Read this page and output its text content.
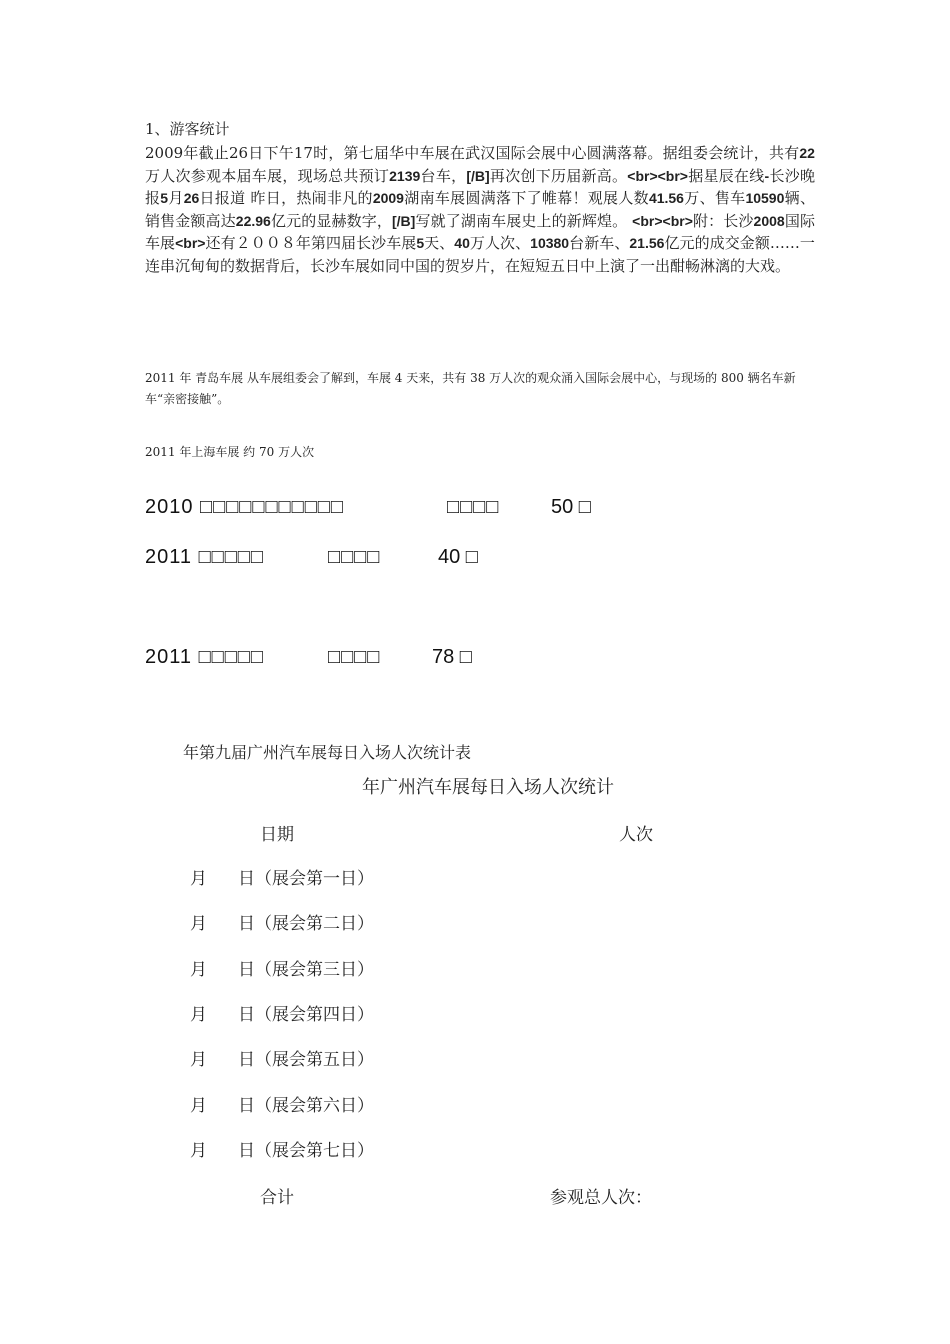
1、游客统计
2009年截止26日下午17时，第七届华中车展在武汉国际会展中心圆满落幕。据组委会统计，共有22万人次参观本届车展，现场总共预订2139台车，[/B]再次创下历届新高。<br><br>据星辰在线-长沙晚报5月26日报道 昨日，热闹非凡的2009湖南车展圆满落下了帷幕！观展人数41.56万、售车10590辆、销售金额高达22.96亿元的显赫数字，[/B]写就了湖南车展史上的新辉煌。 <br><br>附：长沙2008国际车展<br>还有２００８年第四届长沙车展5天、40万人次、10380台新车、21.56亿元的成交金额……一连串沉甸甸的数据背后，长沙车展如同中国的贺岁片，在短短五日中上演了一出酣畅淋漓的大戏。
2011 年 青岛车展 从车展组委会了解到，车展 4 天来，共有 38 万人次的观众涌入国际会展中心，与现场的 800 辆名车新车“亲密接触”。
2011 年上海车展 约 70 万人次
2010 □□□□□□□□□□□	□□□□	50 □
2011 □□□□□	□□□□	40 □
2011 □□□□□	□□□□	78 □
年第九届广州汽车展每日入场人次统计表
年广州汽车展每日入场人次统计
日期	人次
月 日（展会第一日）
月 日（展会第二日）
月 日（展会第三日）
月 日（展会第四日）
月 日（展会第五日）
月 日（展会第六日）
月 日（展会第七日）
合计	参观总人次：
